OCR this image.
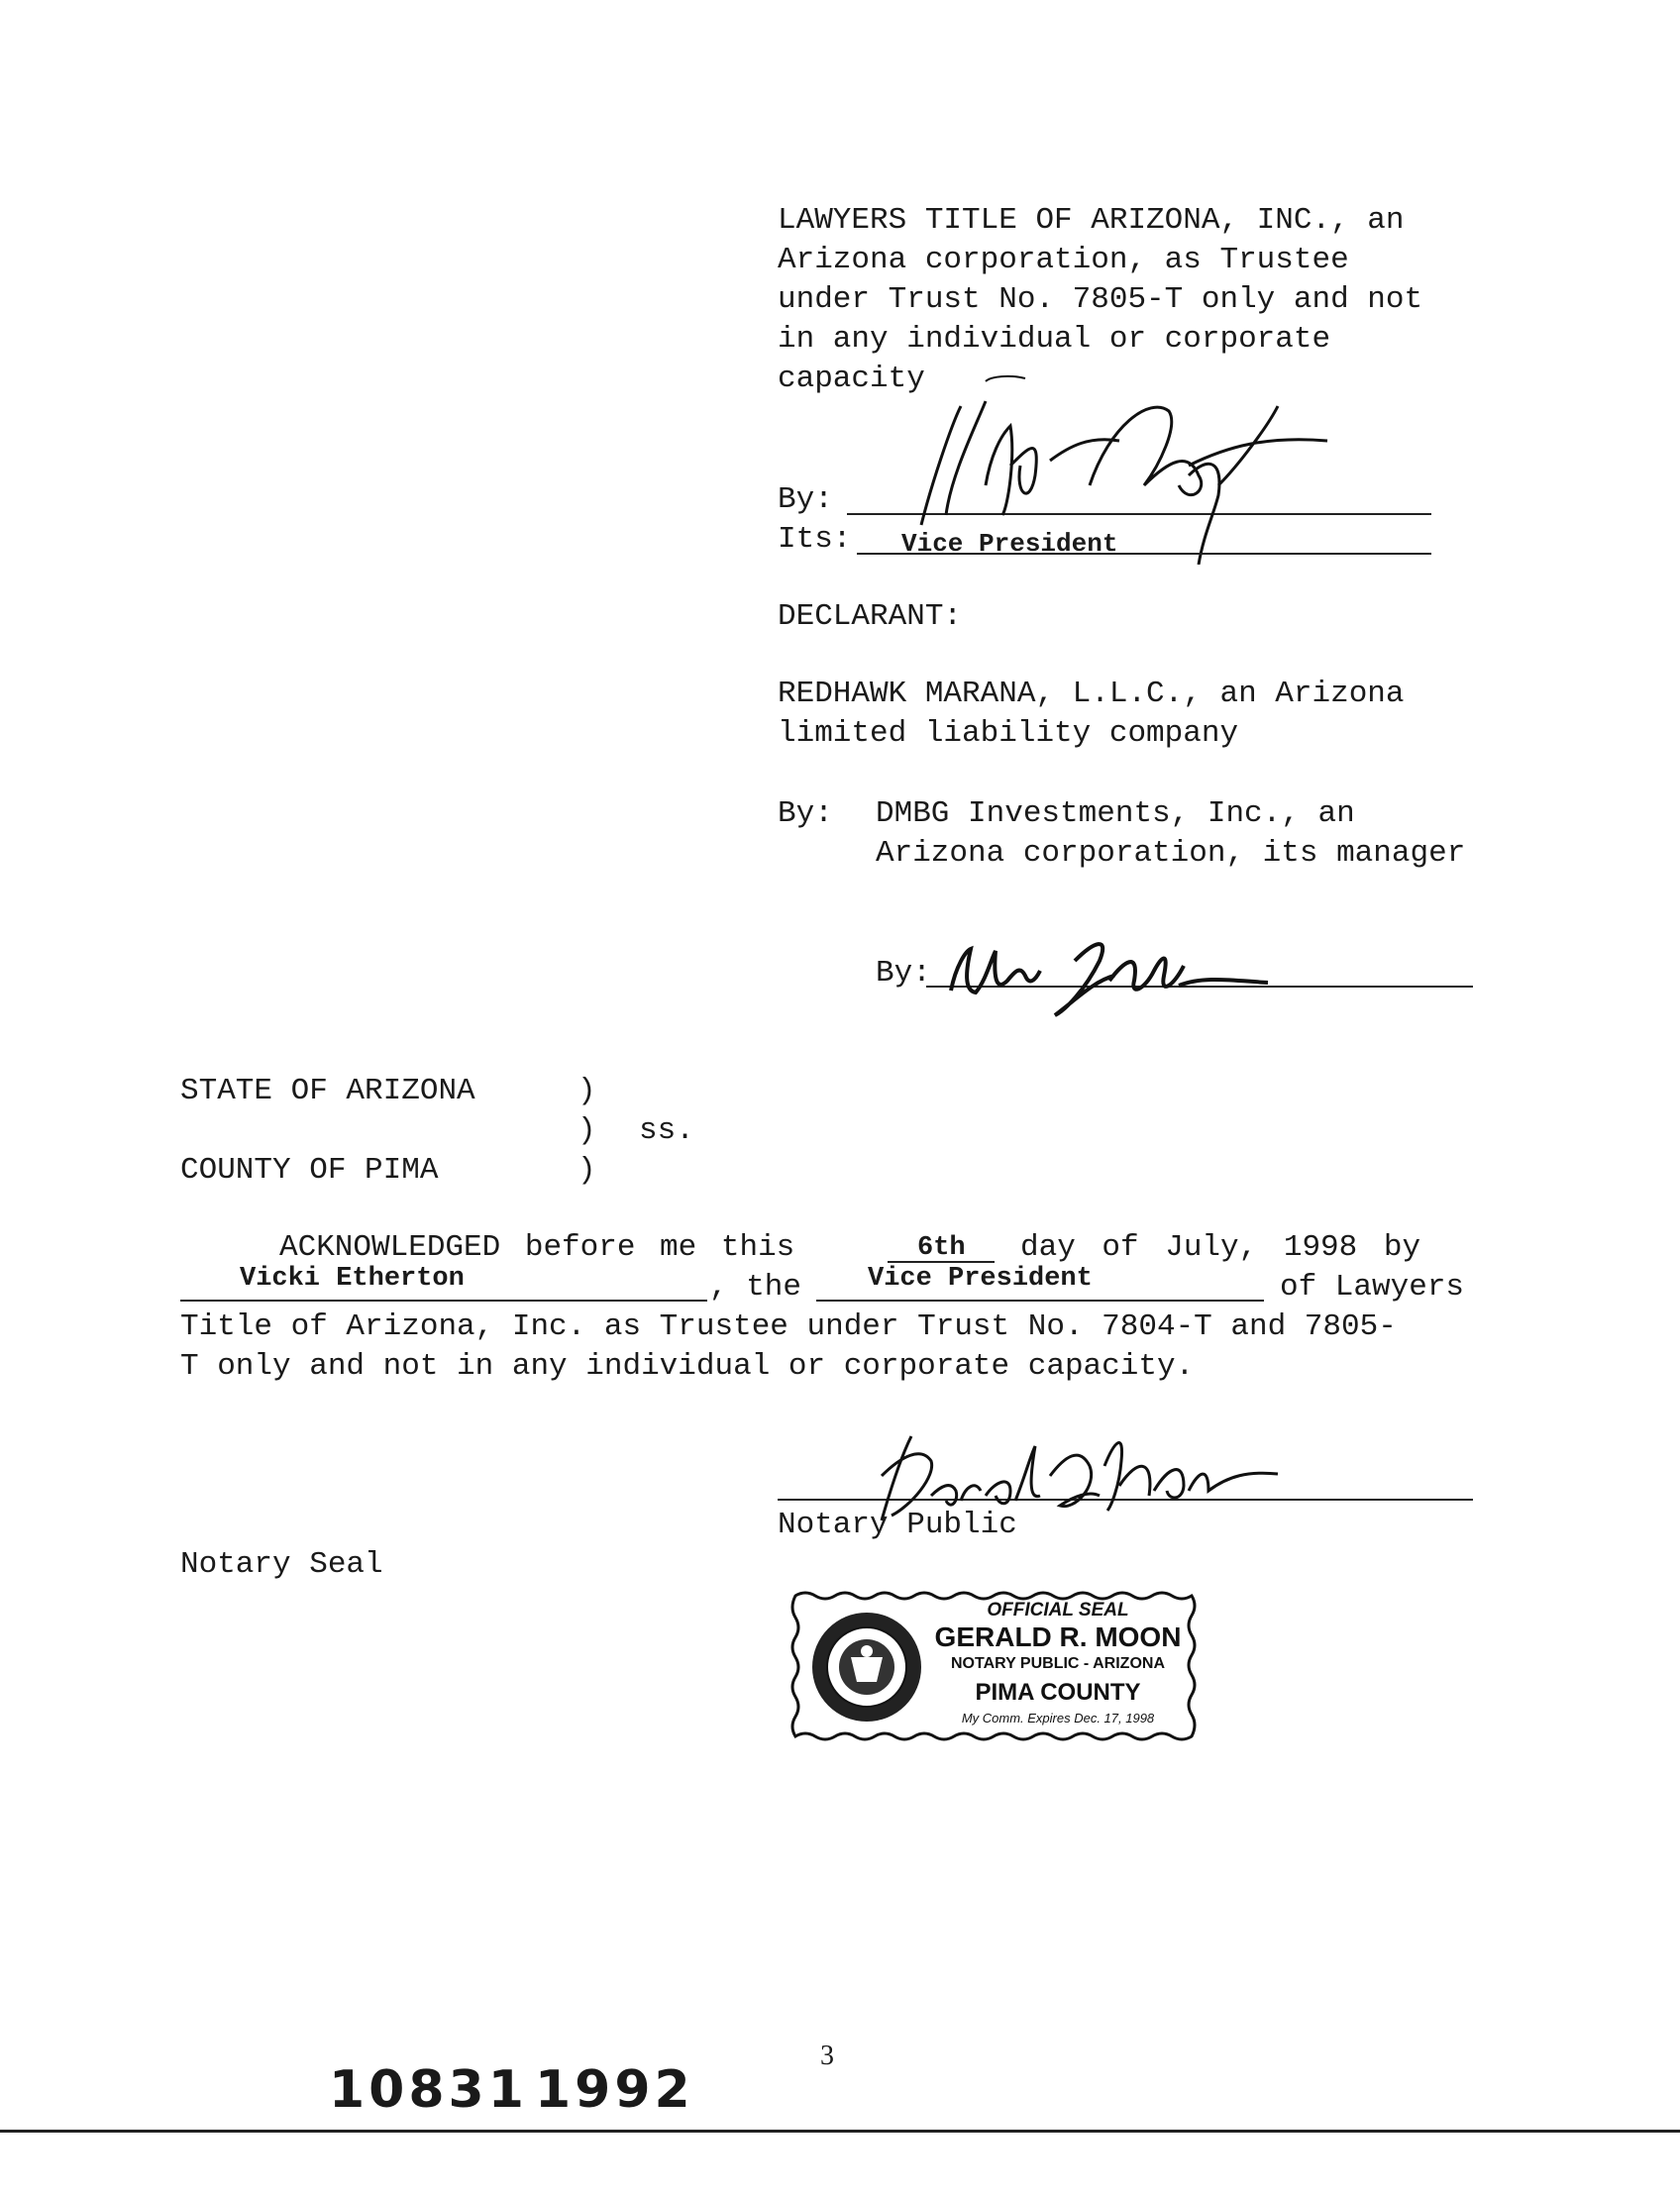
LAWYERS TITLE OF ARIZONA, INC., an
Arizona corporation, as Trustee
under Trust No. 7805-T only and not
in any individual or corporate
capacity
By:
Its: Vice President
DECLARANT:
REDHAWK MARANA, L.L.C., an Arizona
limited liability company
By: DMBG Investments, Inc., an
Arizona corporation, its manager
By:
STATE OF ARIZONA	)
) ss.
COUNTY OF PIMA	)
ACKNOWLEDGED before me this	6th day of July, 1998 by
Vicki Etherton	, the Vice President	of Lawyers
Title of Arizona, Inc. as Trustee under Trust No. 7804-T and 7805-
T only and not in any individual or corporate capacity.
Notary Public
Notary Seal
OFFICIAL SEAL
GERALD R. MOON
NOTARY PUBLIC - ARIZONA
PIMA COUNTY
My Comm. Expires Dec. 17, 1998
3
10831 1992
